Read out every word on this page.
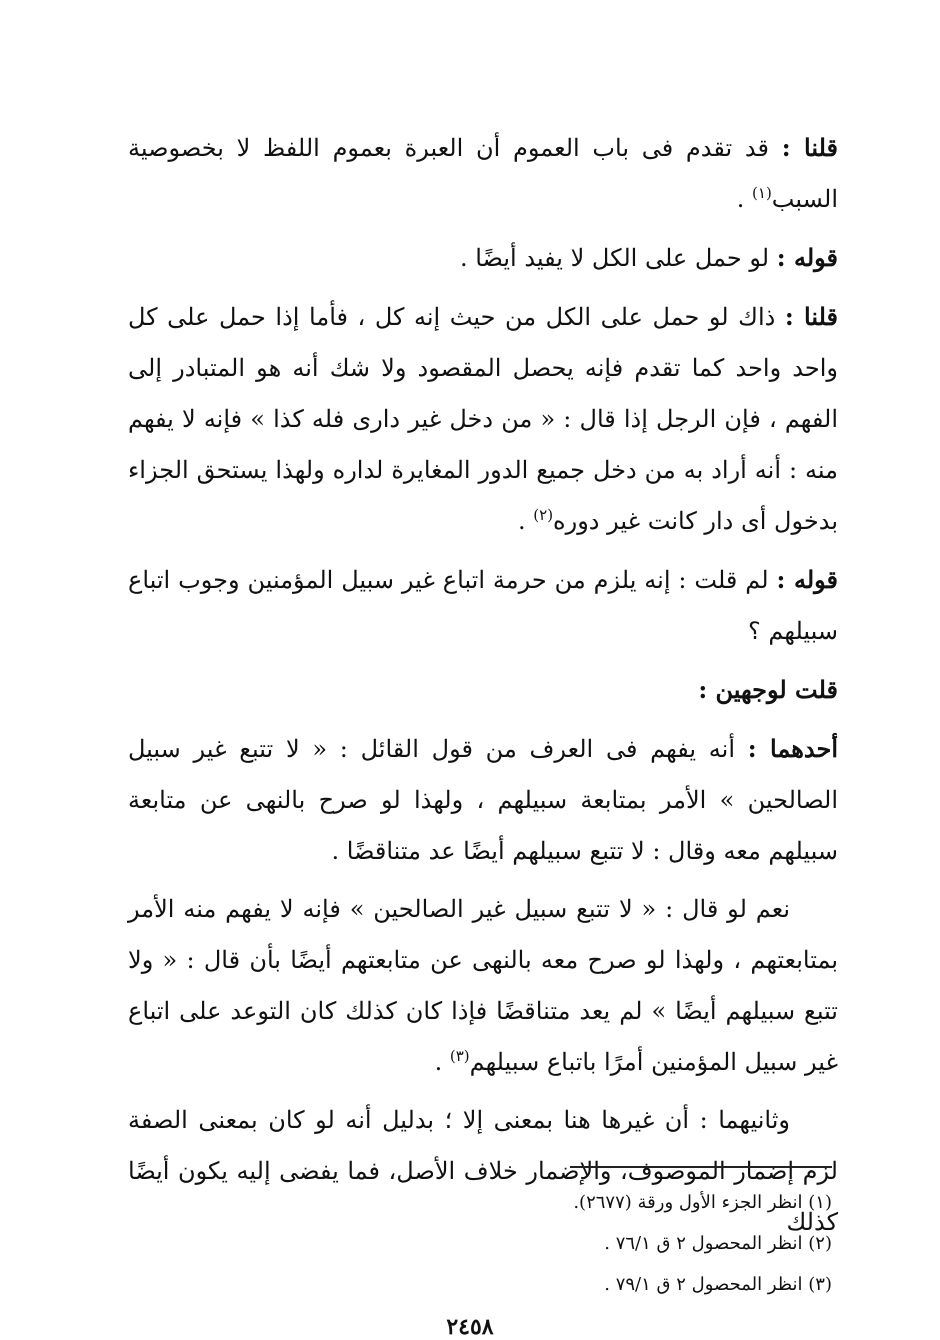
قلنا : قد تقدم فى باب العموم أن العبرة بعموم اللفظ لا بخصوصية السبب$^{(١)}$ .

قوله : لو حمل على الكل لا يفيد أيضًا .

قلنا : ذاك لو حمل على الكل من حيث إنه كل ، فأما إذا حمل على كل واحد واحد كما تقدم فإنه يحصل المقصود ولا شك أنه هو المتبادر إلى الفهم ، فإن الرجل إذا قال : « من دخل غير دارى فله كذا » فإنه لا يفهم منه : أنه أراد به من دخل جميع الدور المغايرة لداره ولهذا يستحق الجزاء بدخول أى دار كانت غير دوره$^{(٢)}$ .

قوله : لم قلت : إنه يلزم من حرمة اتباع غير سبيل المؤمنين وجوب اتباع سبيلهم ؟

قلت لوجهين :

أحدهما : أنه يفهم فى العرف من قول القائل : « لا تتبع غير سبيل الصالحين » الأمر بمتابعة سبيلهم ، ولهذا لو صرح بالنهى عن متابعة سبيلهم معه وقال : لا تتبع سبيلهم أيضًا عد متناقضًا .

نعم لو قال : « لا تتبع سبيل غير الصالحين » فإنه لا يفهم منه الأمر بمتابعتهم ، ولهذا لو صرح معه بالنهى عن متابعتهم أيضًا بأن قال : « ولا تتبع سبيلهم أيضًا » لم يعد متناقضًا فإذا كان كذلك كان التوعد على اتباع غير سبيل المؤمنين أمرًا باتباع سبيلهم$^{(٣)}$ .

وثانيهما : أن غيرها هنا بمعنى إلا ؛ بدليل أنه لو كان بمعنى الصفة لزم إضمار الموصوف، والإضمار خلاف الأصل، فما يفضى إليه يكون أيضًا كذلك

(١) انظر الجزء الأول ورقة (٢٦٧٧).
(٢) انظر المحصول ٢ ق ٧٦/١ .
(٣) انظر المحصول ٢ ق ٧٩/١ .
٢٤٥٨
